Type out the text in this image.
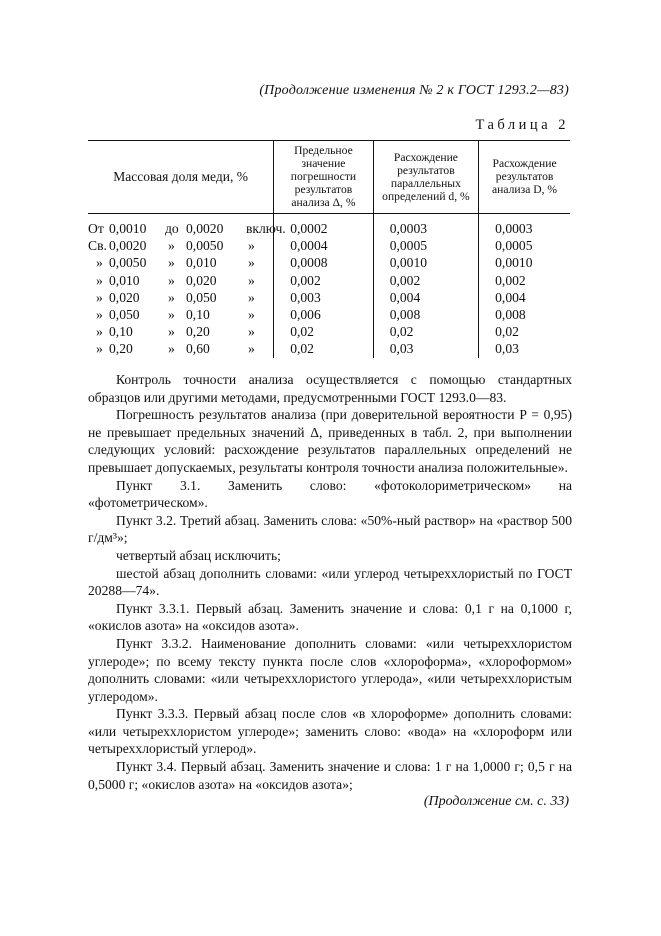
(Продолжение изменения № 2 к ГОСТ 1293.2—83)
Таблица 2
Массовая доля меди, %	Предельное значение погрешности результатов анализа Δ, %	Расхождение результатов параллельных определений d, %	Расхождение результатов анализа D, %

От 0,0010 до 0,0020 включ.	0,0002	0,0003	0,0003

Св. 0,0020 » 0,0050 »	0,0004	0,0005	0,0005

» 0,0050 » 0,010 »	0,0008	0,0010	0,0010

» 0,010 » 0,020 »	0,002	0,002	0,002

» 0,020 » 0,050 »	0,003	0,004	0,004

» 0,050 » 0,10 »	0,006	0,008	0,008

» 0,10 » 0,20 »	0,02	0,02	0,02

» 0,20 » 0,60 »	0,02	0,03	0,03

Контроль точности анализа осуществляется с помощью стандартных образцов или другими методами, предусмотренными ГОСТ 1293.0—83.

Погрешность результатов анализа (при доверительной вероятности P = 0,95) не превышает предельных значений Δ, приведенных в табл. 2, при выполнении следующих условий: расхождение результатов параллельных определений не превышает допускаемых, результаты контроля точности анализа положительные».

Пункт 3.1. Заменить слово: «фотоколориметрическом» на «фотометрическом».

Пункт 3.2. Третий абзац. Заменить слова: «50%-ный раствор» на «раствор 500 г/дм³»;

четвертый абзац исключить;

шестой абзац дополнить словами: «или углерод четыреххлористый по ГОСТ 20288—74».

Пункт 3.3.1. Первый абзац. Заменить значение и слова: 0,1 г на 0,1000 г, «окислов азота» на «оксидов азота».

Пункт 3.3.2. Наименование дополнить словами: «или четыреххлористом углероде»; по всему тексту пункта после слов «хлороформа», «хлороформом» дополнить словами: «или четыреххлористого углерода», «или четыреххлористым углеродом».

Пункт 3.3.3. Первый абзац после слов «в хлороформе» дополнить словами: «или четыреххлористом углероде»; заменить слово: «вода» на «хлороформ или четыреххлористый углерод».

Пункт 3.4. Первый абзац. Заменить значение и слова: 1 г на 1,0000 г; 0,5 г на 0,5000 г; «окислов азота» на «оксидов азота»;

(Продолжение см. с. 33)
